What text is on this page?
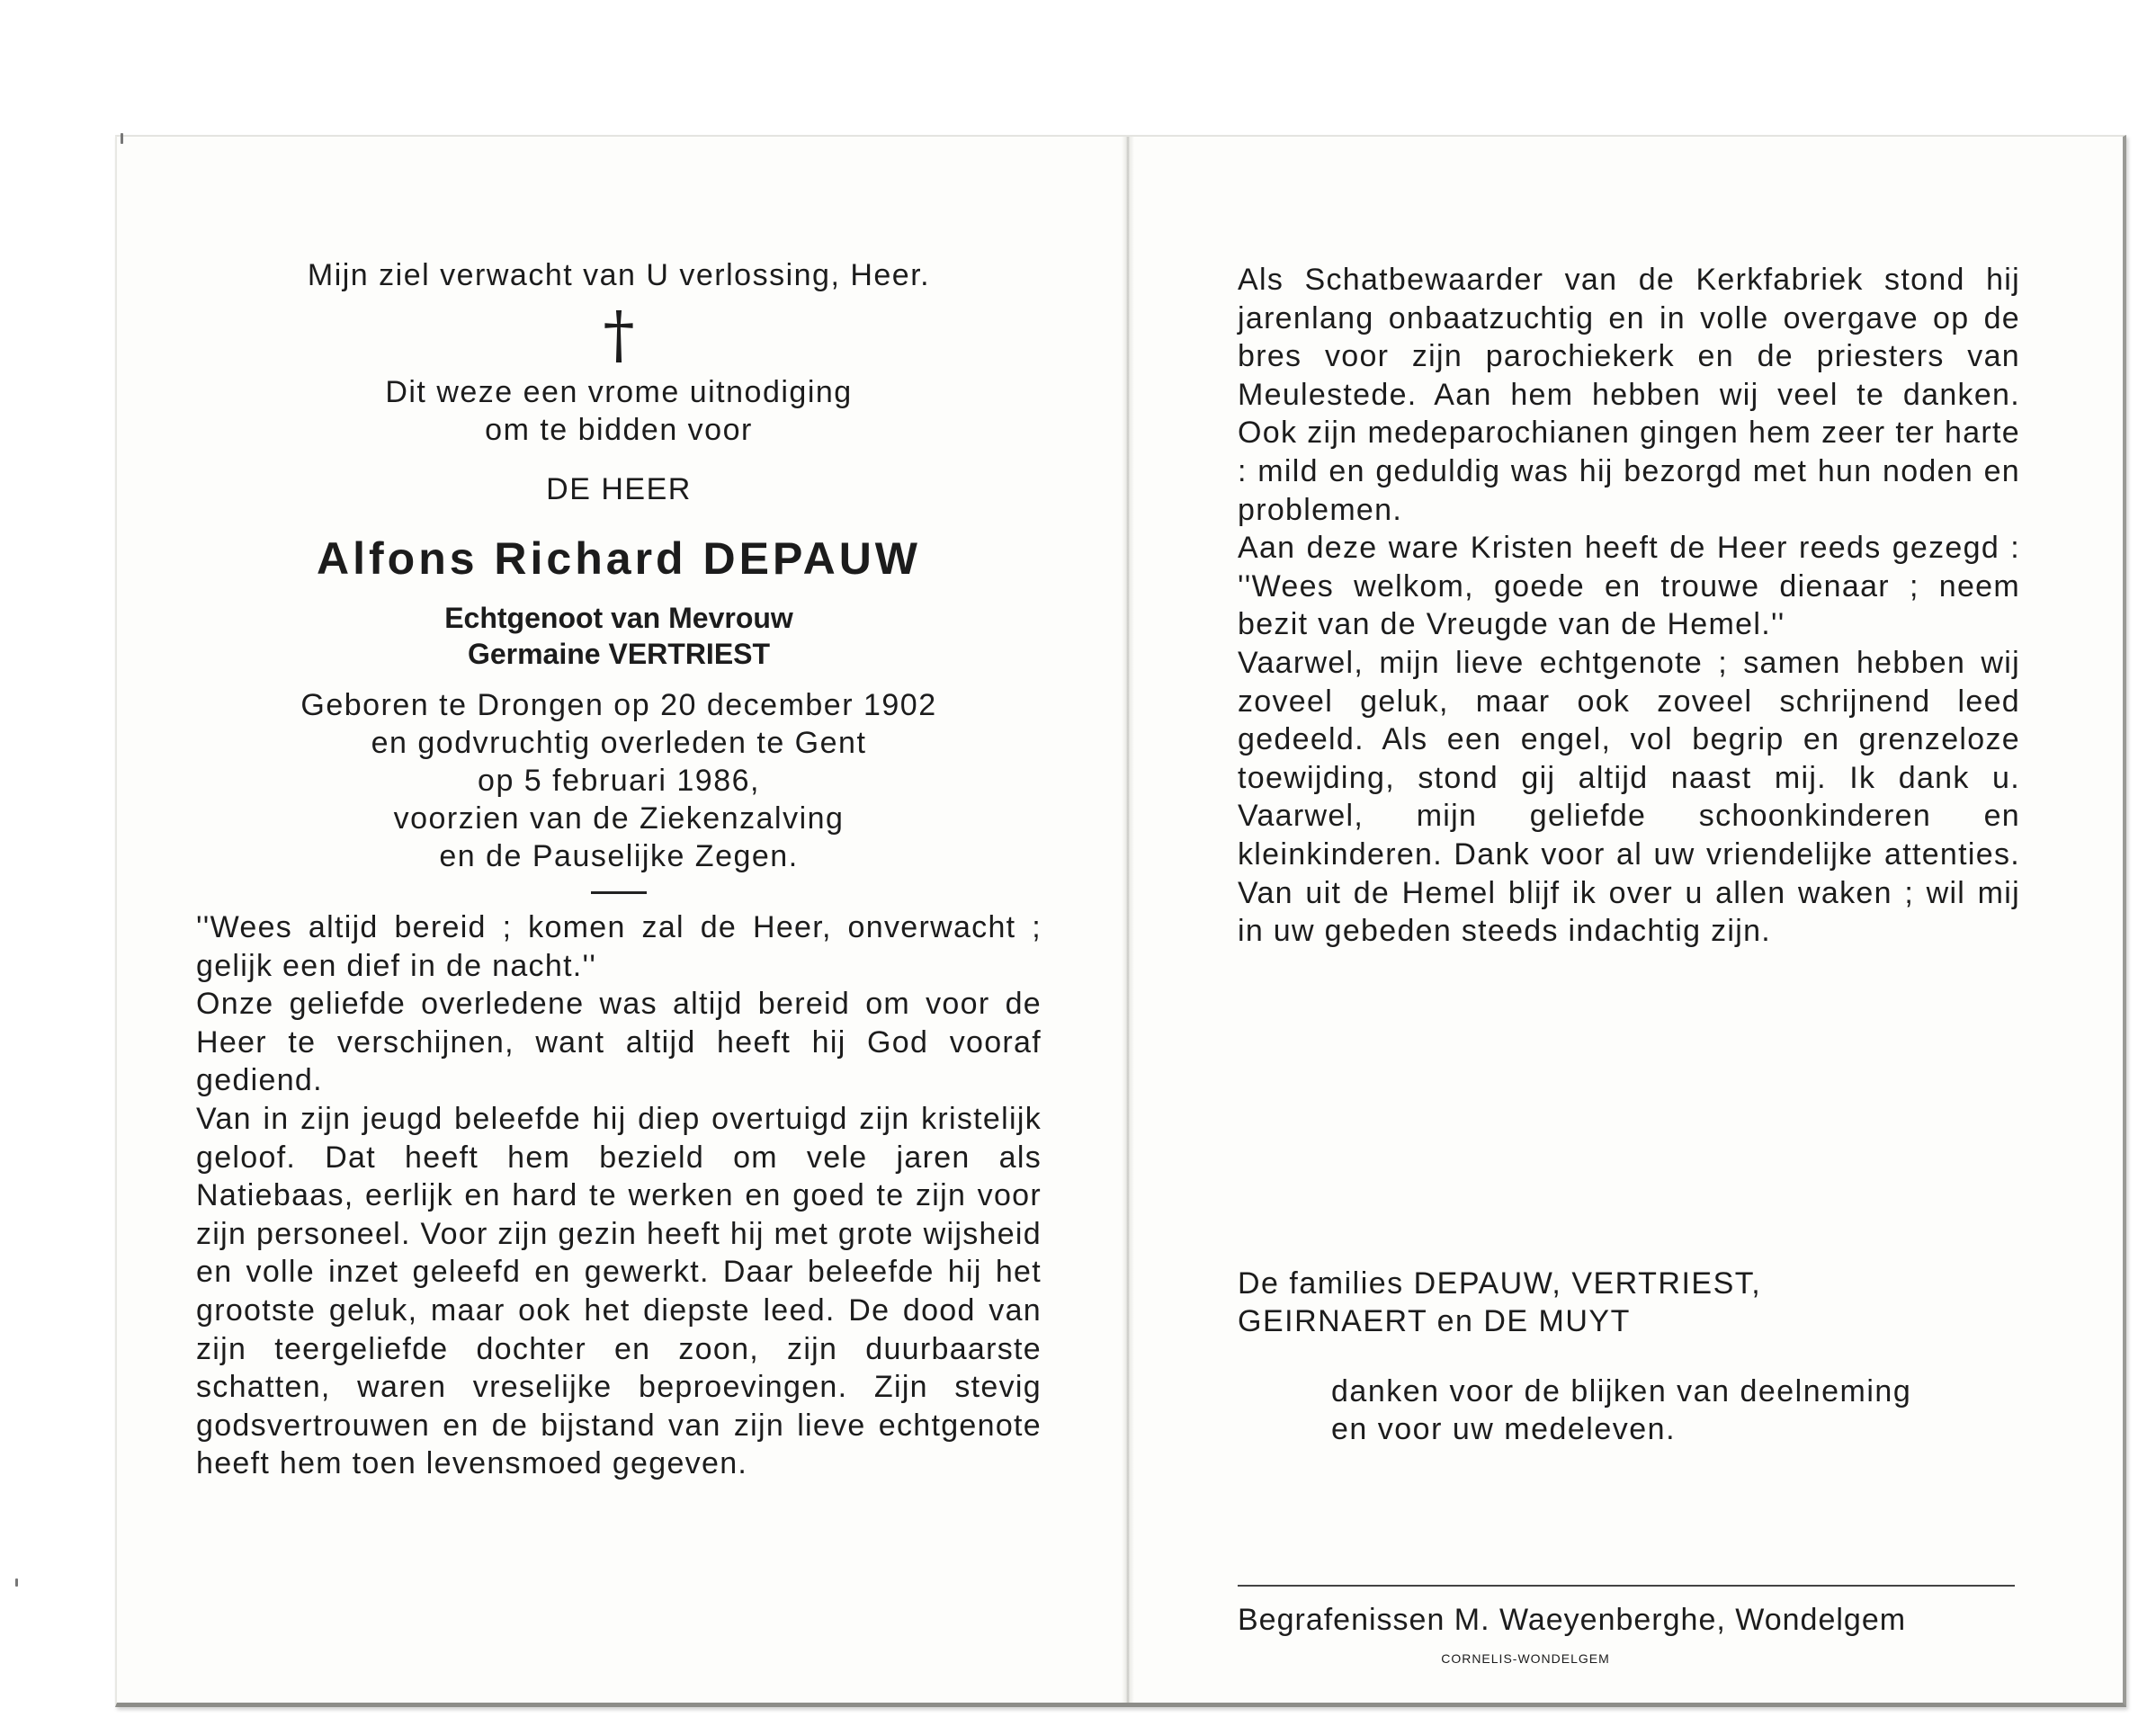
Mijn ziel verwacht van U verlossing, Heer.
†
Dit weze een vrome uitnodiging
om te bidden voor
DE HEER
Alfons Richard DEPAUW
Echtgenoot van Mevrouw
Germaine VERTRIEST
Geboren te Drongen op 20 december 1902
en godvruchtig overleden te Gent
op 5 februari 1986,
voorzien van de Ziekenzalving
en de Pauselijke Zegen.

''Wees altijd bereid ; komen zal de Heer, onverwacht ; gelijk een dief in de nacht.''

Onze geliefde overledene was altijd bereid om voor de Heer te verschijnen, want altijd heeft hij God vooraf gediend.

Van in zijn jeugd beleefde hij diep overtuigd zijn kristelijk geloof. Dat heeft hem bezield om vele jaren als Natiebaas, eerlijk en hard te werken en goed te zijn voor zijn personeel. Voor zijn gezin heeft hij met grote wijsheid en volle inzet geleefd en gewerkt. Daar beleefde hij het grootste geluk, maar ook het diepste leed. De dood van zijn teergeliefde dochter en zoon, zijn duurbaarste schatten, waren vreselijke beproevingen. Zijn stevig godsvertrouwen en de bijstand van zijn lieve echtgenote heeft hem toen levensmoed gegeven.

Als Schatbewaarder van de Kerkfabriek stond hij jarenlang onbaatzuchtig en in volle overgave op de bres voor zijn parochiekerk en de priesters van Meulestede. Aan hem hebben wij veel te danken. Ook zijn medeparochianen gingen hem zeer ter harte : mild en geduldig was hij bezorgd met hun noden en problemen.

Aan deze ware Kristen heeft de Heer reeds gezegd : ''Wees welkom, goede en trouwe dienaar ; neem bezit van de Vreugde van de Hemel.''

Vaarwel, mijn lieve echtgenote ; samen hebben wij zoveel geluk, maar ook zoveel schrijnend leed gedeeld. Als een engel, vol begrip en grenzeloze toewijding, stond gij altijd naast mij. Ik dank u. Vaarwel, mijn geliefde schoonkinderen en kleinkinderen. Dank voor al uw vriendelijke attenties. Van uit de Hemel blijf ik over u allen waken ; wil mij in uw gebeden steeds indachtig zijn.

De families DEPAUW, VERTRIEST,
GEIRNAERT en DE MUYT
danken voor de blijken van deelneming
en voor uw medeleven.
Begrafenissen M. Waeyenberghe, Wondelgem
CORNELIS-WONDELGEM
